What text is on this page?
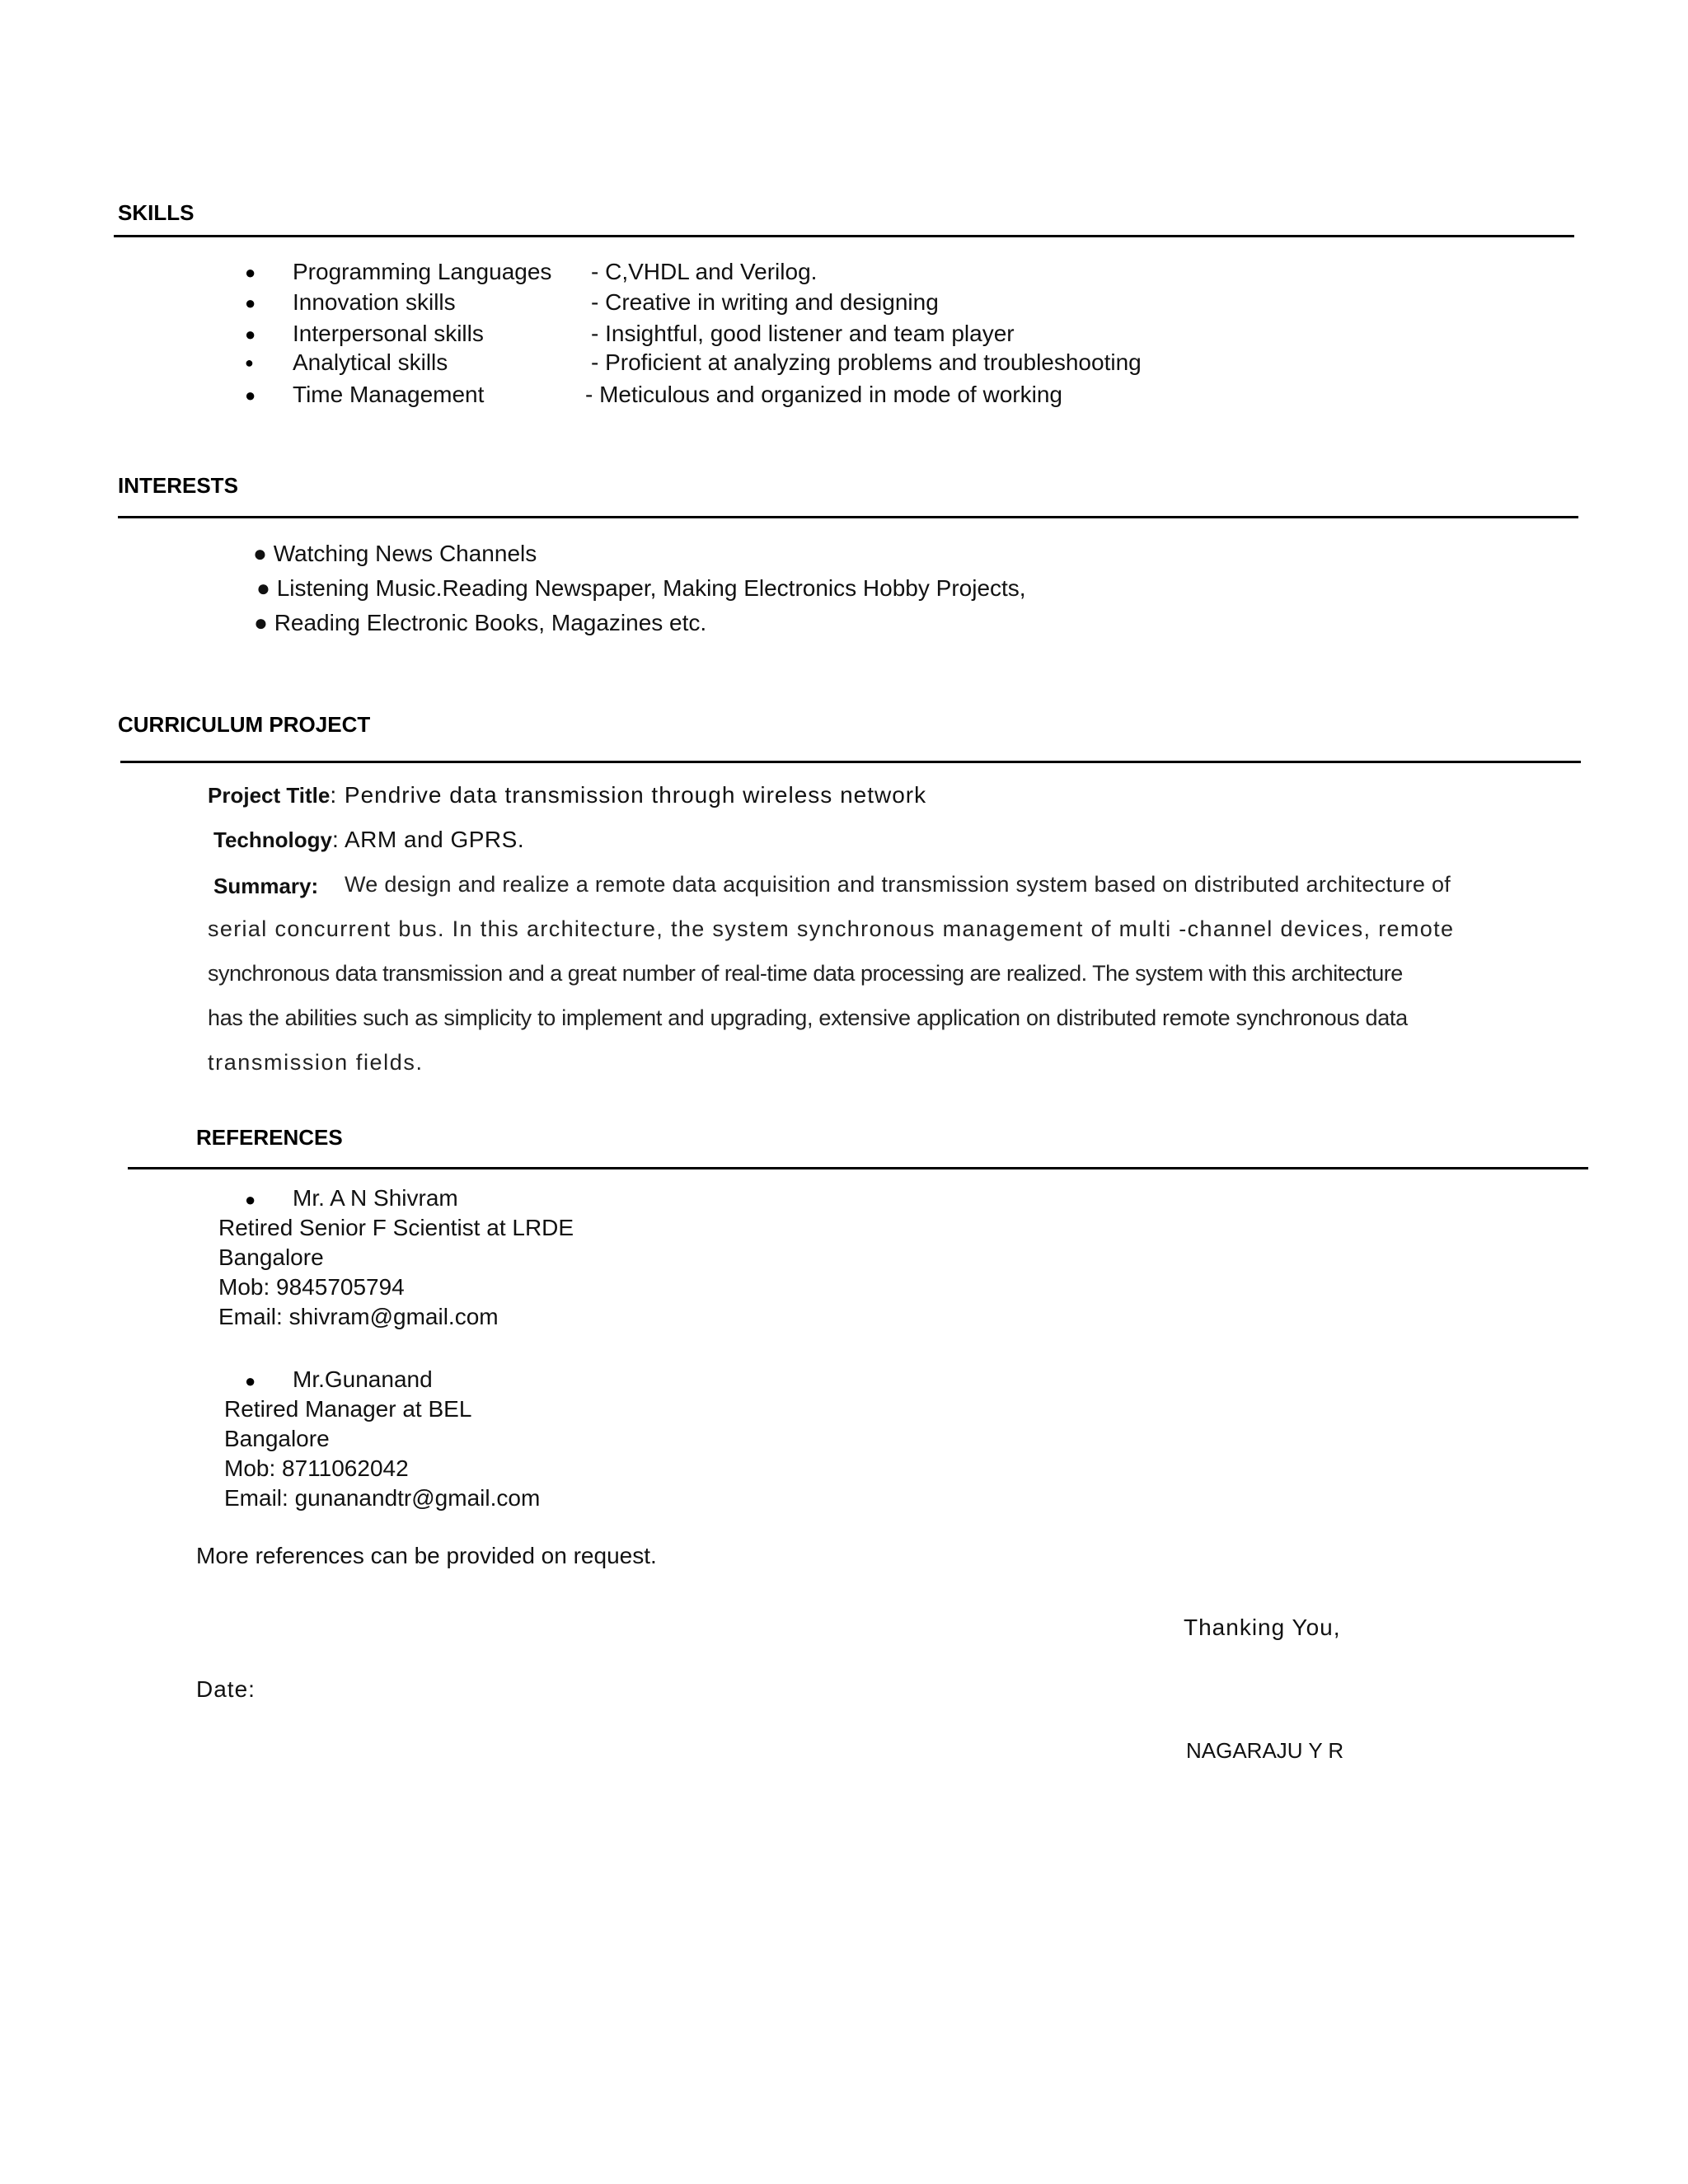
SKILLS
● Programming Languages - C,VHDL and Verilog.
● Innovation skills	- Creative in writing and designing
● Interpersonal skills	- Insightful, good listener and team player
● Analytical skills	- Proficient at analyzing problems and troubleshooting
● Time Management	- Meticulous and organized in mode of working
INTERESTS
● Watching News Channels
● Listening Music.Reading Newspaper, Making Electronics Hobby Projects,
● Reading Electronic Books, Magazines etc.
CURRICULUM PROJECT
Project Title: Pendrive data transmission through wireless network
Technology: ARM and GPRS.
Summary: We design and realize a remote data acquisition and transmission system based on distributed architecture of
serial concurrent bus. In this architecture, the system synchronous management of multi -channel devices, remote
synchronous data transmission and a great number of real-time data processing are realized. The system with this architecture
has the abilities such as simplicity to implement and upgrading, extensive application on distributed remote synchronous data
transmission fields.
REFERENCES
● Mr. A N Shivram
Retired Senior F Scientist at LRDE
Bangalore
Mob: 9845705794
Email: shivram@gmail.com
● Mr.Gunanand
Retired Manager at BEL
Bangalore
Mob: 8711062042
Email: gunanandtr@gmail.com
More references can be provided on request.
Thanking You,
Date:
NAGARAJU Y R
